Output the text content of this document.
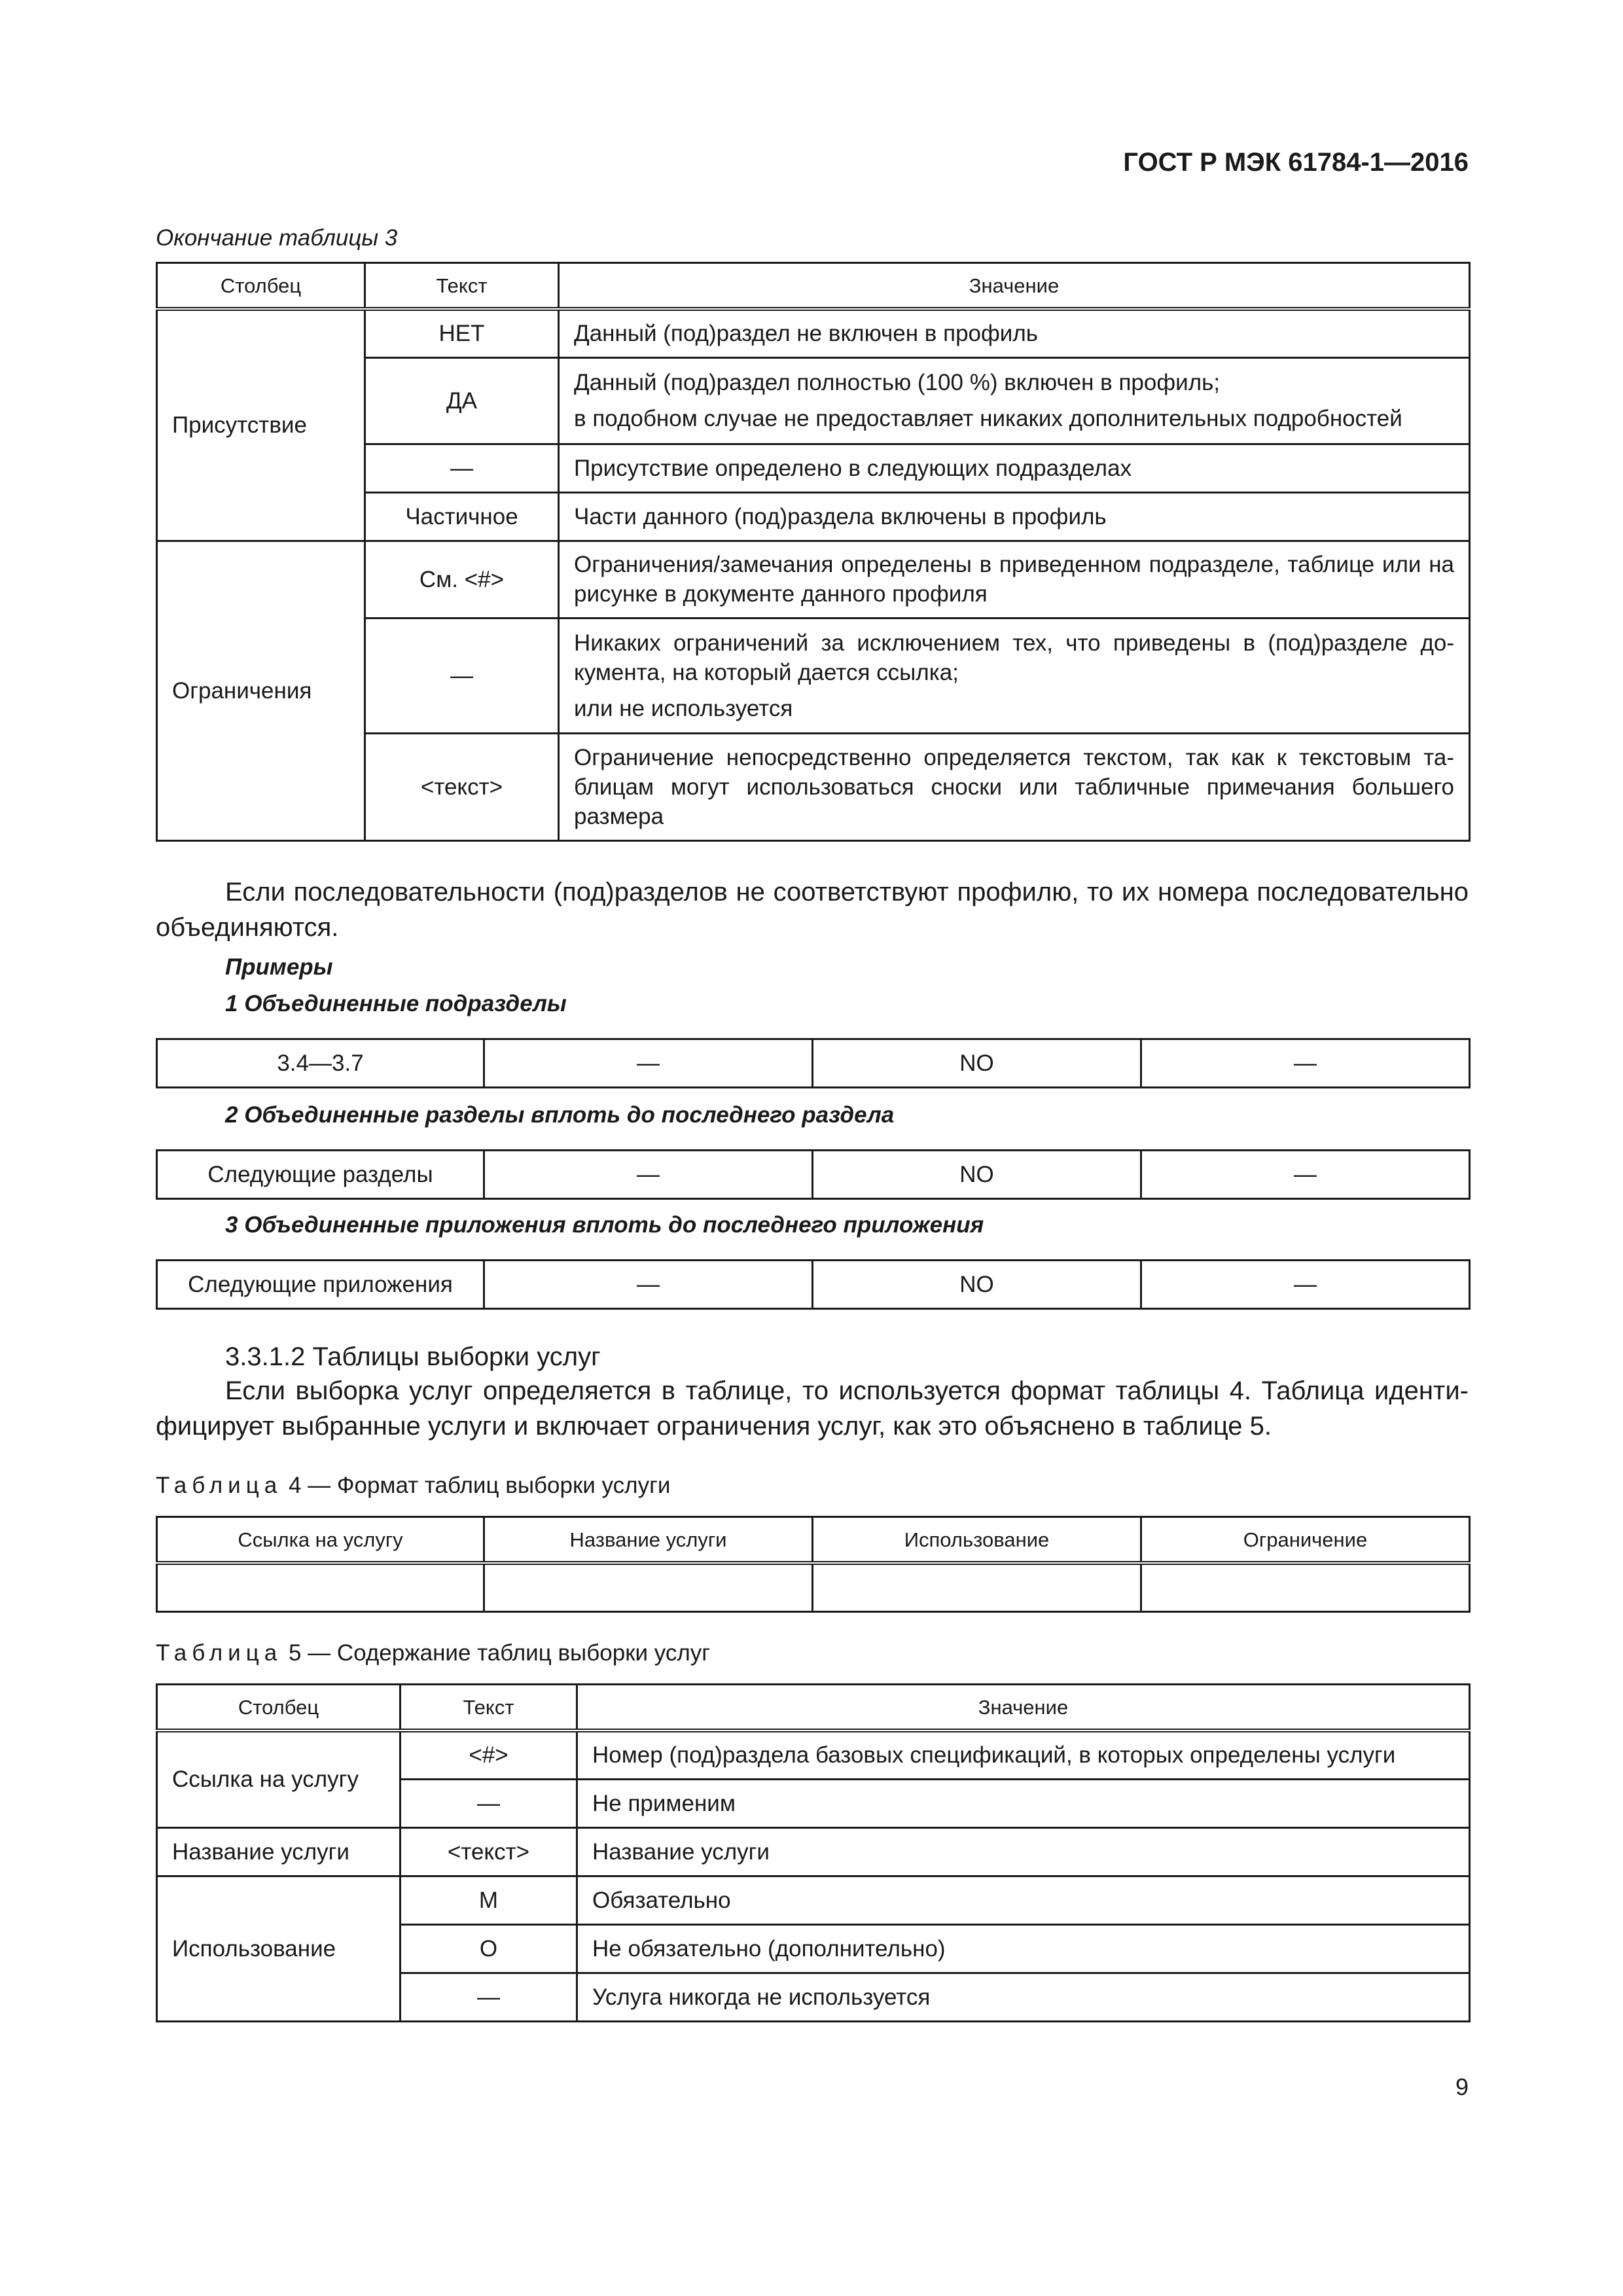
ГОСТ Р МЭК 61784-1—2016
Окончание таблицы 3
Столбец	Текст	Значение
Присутствие	НЕТ	Данный (под)раздел не включен в профиль
	ДА	Данный (под)раздел полностью (100 %) включен в профиль;
в подобном случае не предоставляет никаких дополнительных подробностей

	—	Присутствие определено в следующих подразделах
	Частичное	Части данного (под)раздела включены в профиль
Ограничения	См. <#>	Ограничения/замечания определены в приведенном подразделе, таблице или на рисунке в документе данного профиля
	—	Никаких ограничений за исключением тех, что приведены в (под)разделе документа, на который дается ссылка;
или не используется

	<текст>	Ограничение непосредственно определяется текстом, так как к текстовым таблицам могут использоваться сноски или табличные примечания большего размера
Если последовательности (под)разделов не соответствуют профилю, то их номера последовательно объединяются.
Примеры
1 Объединенные подразделы
3.4—3.7	—	NO	—
2 Объединенные разделы вплоть до последнего раздела
Следующие разделы	—	NO	—
3 Объединенные приложения вплоть до последнего приложения
Следующие приложения	—	NO	—
3.3.1.2 Таблицы выборки услуг
Если выборка услуг определяется в таблице, то используется формат таблицы 4. Таблица идентифицирует выбранные услуги и включает ограничения услуг, как это объяснено в таблице 5.
Таблица 4 — Формат таблиц выборки услуги
Ссылка на услугу	Название услуги	Использование	Ограничение

Таблица 5 — Содержание таблиц выборки услуг
Столбец	Текст	Значение
Ссылка на услугу	<#>	Номер (под)раздела базовых спецификаций, в которых определены услуги
	—	Не применим
Название услуги	<текст>	Название услуги
Использование	M	Обязательно
	O	Не обязательно (дополнительно)
	—	Услуга никогда не используется
9
